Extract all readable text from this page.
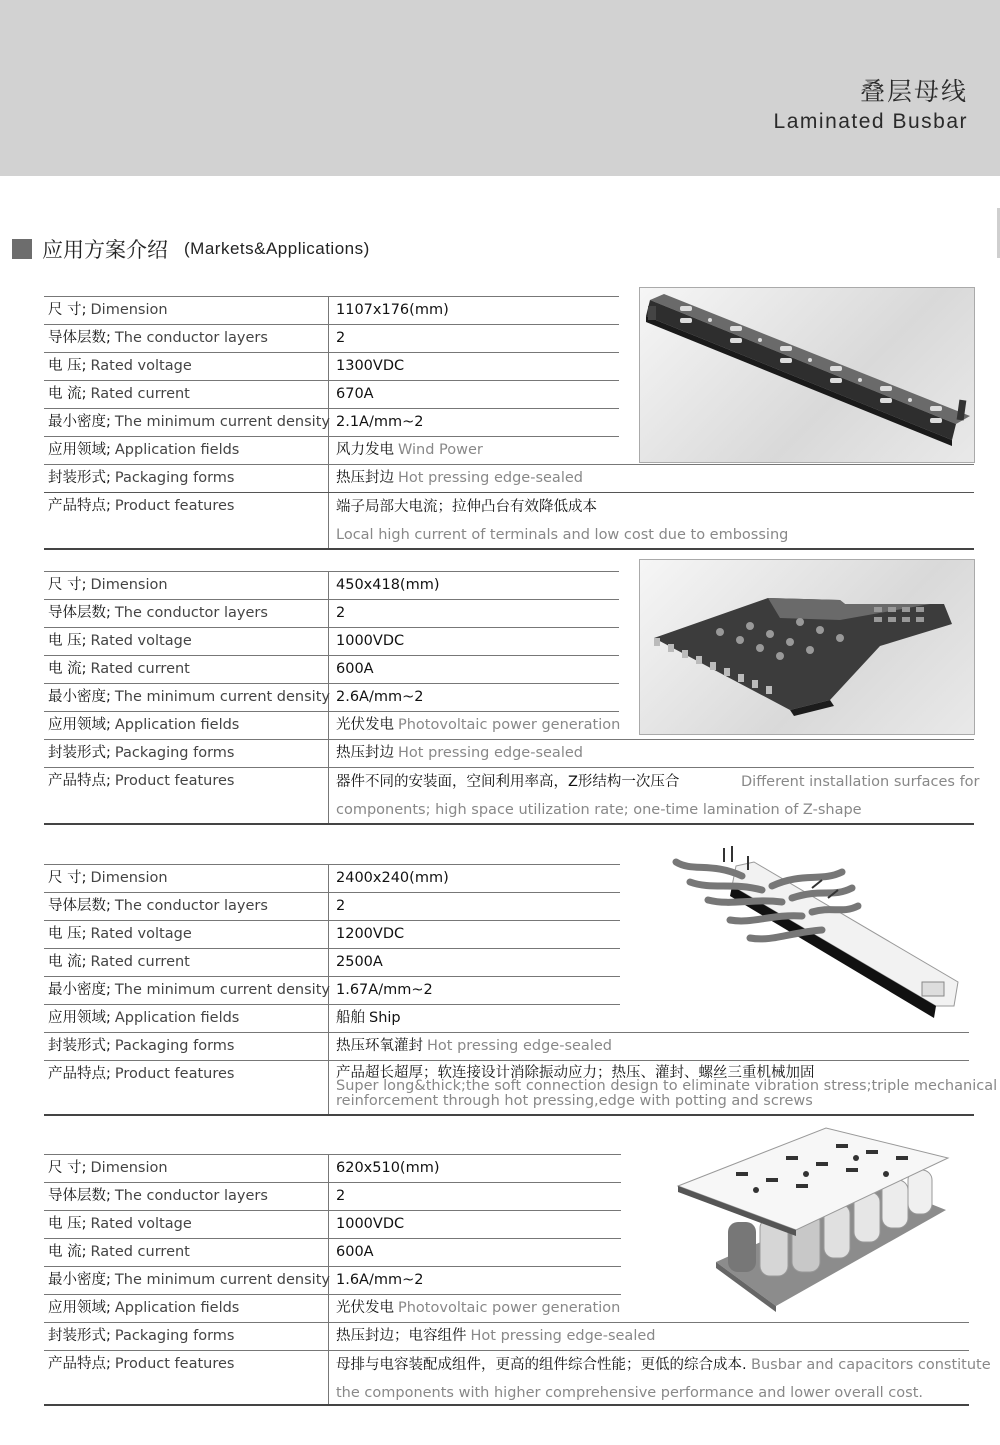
叠层母线
Laminated Busbar
应用方案介绍 (Markets&Applications)
尺 寸; Dimension	1107x176(mm)
导体层数; The conductor layers	2
电 压; Rated voltage	1300VDC
电 流; Rated current	670A
最小密度; The minimum current density 2.1A/mm~2
应用领域; Application fields	风力发电 Wind Power
封装形式; Packaging forms	热压封边 Hot pressing edge-sealed
产品特点; Product features	端子局部大电流；拉伸凸台有效降低成本
Local high current of terminals and low cost due to embossing
尺 寸; Dimension	450x418(mm)
导体层数; The conductor layers	2
电 压; Rated voltage	1000VDC
电 流; Rated current	600A
最小密度; The minimum current density 2.6A/mm~2
应用领域; Application fields	光伏发电 Photovoltaic power generation
封装形式; Packaging forms	热压封边 Hot pressing edge-sealed
产品特点; Product features	器件不同的安装面，空间利用率高，Z形结构一次压合	Different installation surfaces for
components; high space utilization rate; one-time lamination of Z-shape
尺 寸; Dimension	2400x240(mm)
导体层数; The conductor layers	2
电 压; Rated voltage	1200VDC
电 流; Rated current	2500A
最小密度; The minimum current density 1.67A/mm~2
应用领域; Application fields	船舶 Ship
封装形式; Packaging forms	热压环氧灌封 Hot pressing edge-sealed
产品特点; Product features	产品超长超厚；软连接设计消除振动应力；热压、灌封、螺丝三重机械加固
Super long&thick;the soft connection design to eliminate vibration stress;triple mechanical
reinforcement through hot pressing,edge with potting and screws
尺 寸; Dimension	620x510(mm)
导体层数; The conductor layers	2
电 压; Rated voltage	1000VDC
电 流; Rated current	600A
最小密度; The minimum current density 1.6A/mm~2
应用领域; Application fields	光伏发电 Photovoltaic power generation
封装形式; Packaging forms	热压封边；电容组件 Hot pressing edge-sealed
产品特点; Product features	母排与电容装配成组件，更高的组件综合性能；更低的综合成本. Busbar and capacitors constitute
the components with higher comprehensive performance and lower overall cost.
